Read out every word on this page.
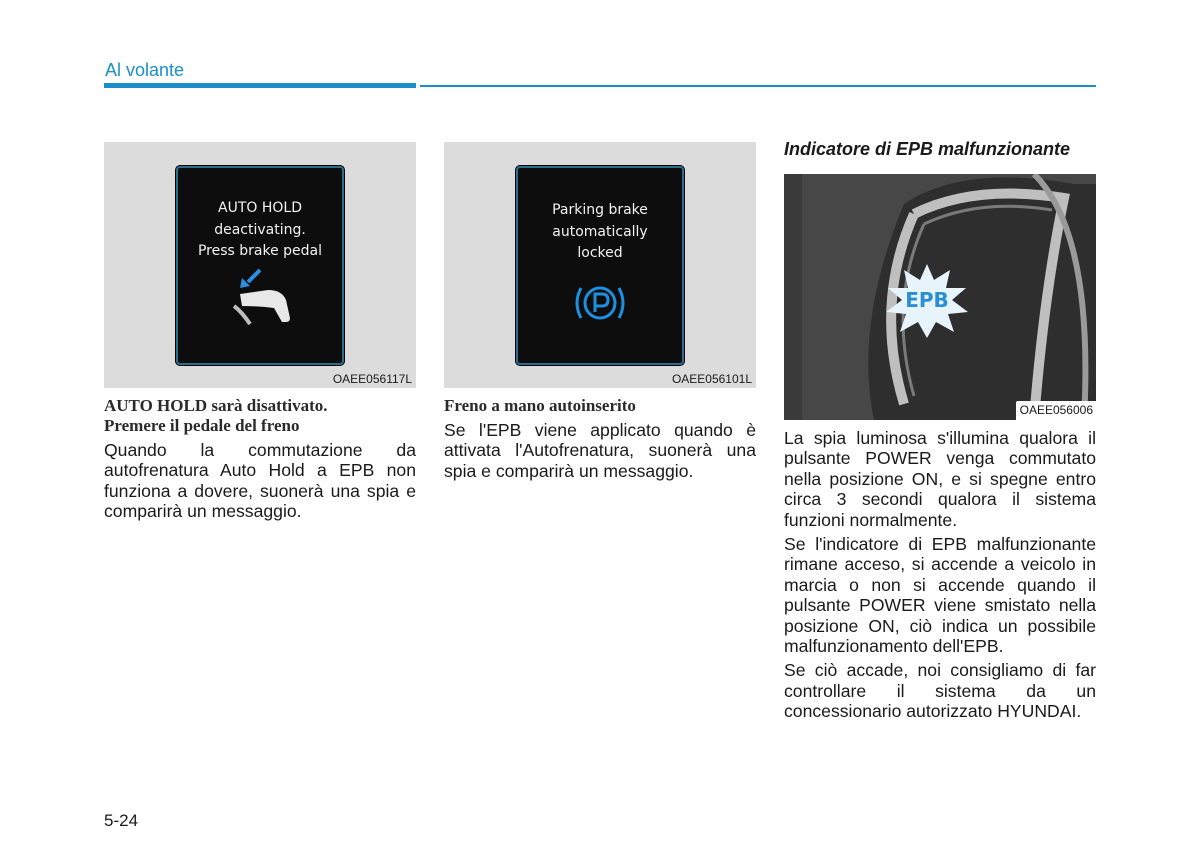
Al volante
AUTO HOLD
deactivating.
Press brake pedal
OAEE056117L
Parking brake
automatically
locked
OAEE056101L
AUTO HOLD sarà disattivato.
Premere il pedale del freno

Quando la commutazione da autofrenatura Auto Hold a EPB non funziona a dovere, suonerà una spia e comparirà un messaggio.

Freno a mano autoinserito

Se l'EPB viene applicato quando è attivata l'Autofrenatura, suonerà una spia e comparirà un messaggio.

Indicatore di EPB malfunzionante
EPB
OAEE056006

La spia luminosa s'illumina qualora il pulsante POWER venga commutato nella posizione ON, e si spegne entro circa 3 secondi qualora il sistema funzioni normalmente.

Se l'indicatore di EPB malfunzionante rimane acceso, si accende a veicolo in marcia o non si accende quando il pulsante POWER viene smistato nella posizione ON, ciò indica un possibile malfunzionamento dell'EPB.

Se ciò accade, noi consigliamo di far controllare il sistema da un concessionario autorizzato HYUNDAI.

5-24
